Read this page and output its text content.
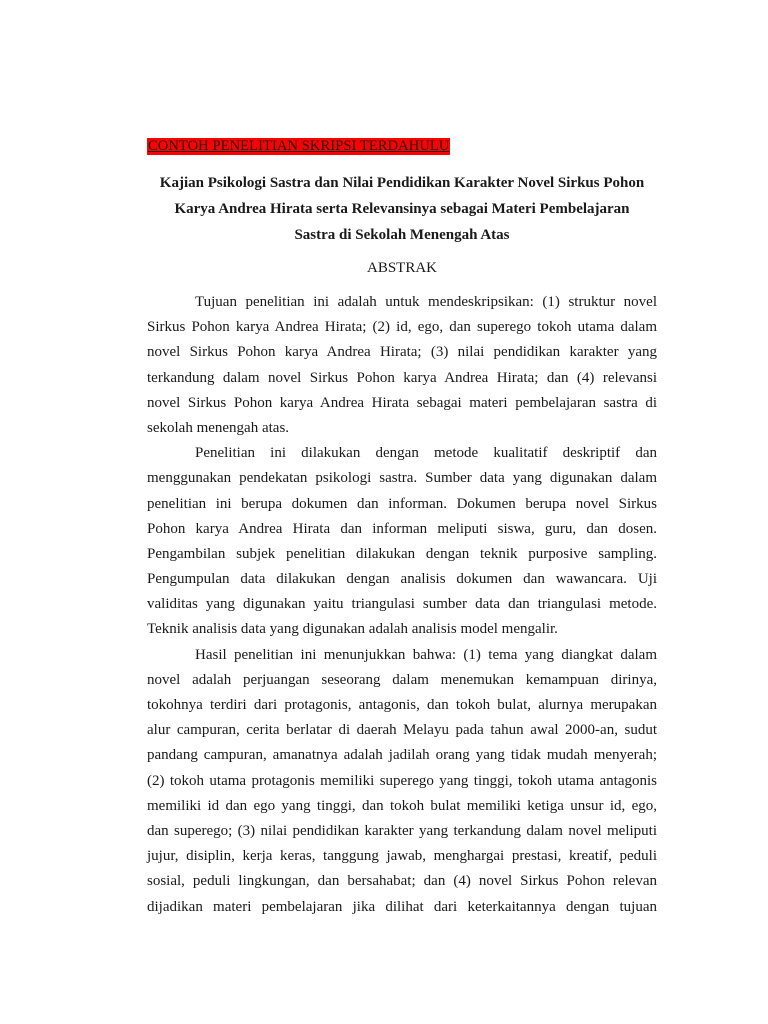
CONTOH PENELITIAN SKRIPSI TERDAHULU
Kajian Psikologi Sastra dan Nilai Pendidikan Karakter Novel Sirkus Pohon
Karya Andrea Hirata serta Relevansinya sebagai Materi Pembelajaran
Sastra di Sekolah Menengah Atas
ABSTRAK
Tujuan penelitian ini adalah untuk mendeskripsikan: (1) struktur novel
Sirkus Pohon karya Andrea Hirata; (2) id, ego, dan superego tokoh utama dalam
novel Sirkus Pohon karya Andrea Hirata; (3) nilai pendidikan karakter yang
terkandung dalam novel Sirkus Pohon karya Andrea Hirata; dan (4) relevansi
novel Sirkus Pohon karya Andrea Hirata sebagai materi pembelajaran sastra di
sekolah menengah atas.
Penelitian ini dilakukan dengan metode kualitatif deskriptif dan
menggunakan pendekatan psikologi sastra. Sumber data yang digunakan dalam
penelitian ini berupa dokumen dan informan. Dokumen berupa novel Sirkus
Pohon karya Andrea Hirata dan informan meliputi siswa, guru, dan dosen.
Pengambilan subjek penelitian dilakukan dengan teknik purposive sampling.
Pengumpulan data dilakukan dengan analisis dokumen dan wawancara. Uji
validitas yang digunakan yaitu triangulasi sumber data dan triangulasi metode.
Teknik analisis data yang digunakan adalah analisis model mengalir.
Hasil penelitian ini menunjukkan bahwa: (1) tema yang diangkat dalam
novel adalah perjuangan seseorang dalam menemukan kemampuan dirinya,
tokohnya terdiri dari protagonis, antagonis, dan tokoh bulat, alurnya merupakan
alur campuran, cerita berlatar di daerah Melayu pada tahun awal 2000-an, sudut
pandang campuran, amanatnya adalah jadilah orang yang tidak mudah menyerah;
(2) tokoh utama protagonis memiliki superego yang tinggi, tokoh utama antagonis
memiliki id dan ego yang tinggi, dan tokoh bulat memiliki ketiga unsur id, ego,
dan superego; (3) nilai pendidikan karakter yang terkandung dalam novel meliputi
jujur, disiplin, kerja keras, tanggung jawab, menghargai prestasi, kreatif, peduli
sosial, peduli lingkungan, dan bersahabat; dan (4) novel Sirkus Pohon relevan
dijadikan materi pembelajaran jika dilihat dari keterkaitannya dengan tujuan
